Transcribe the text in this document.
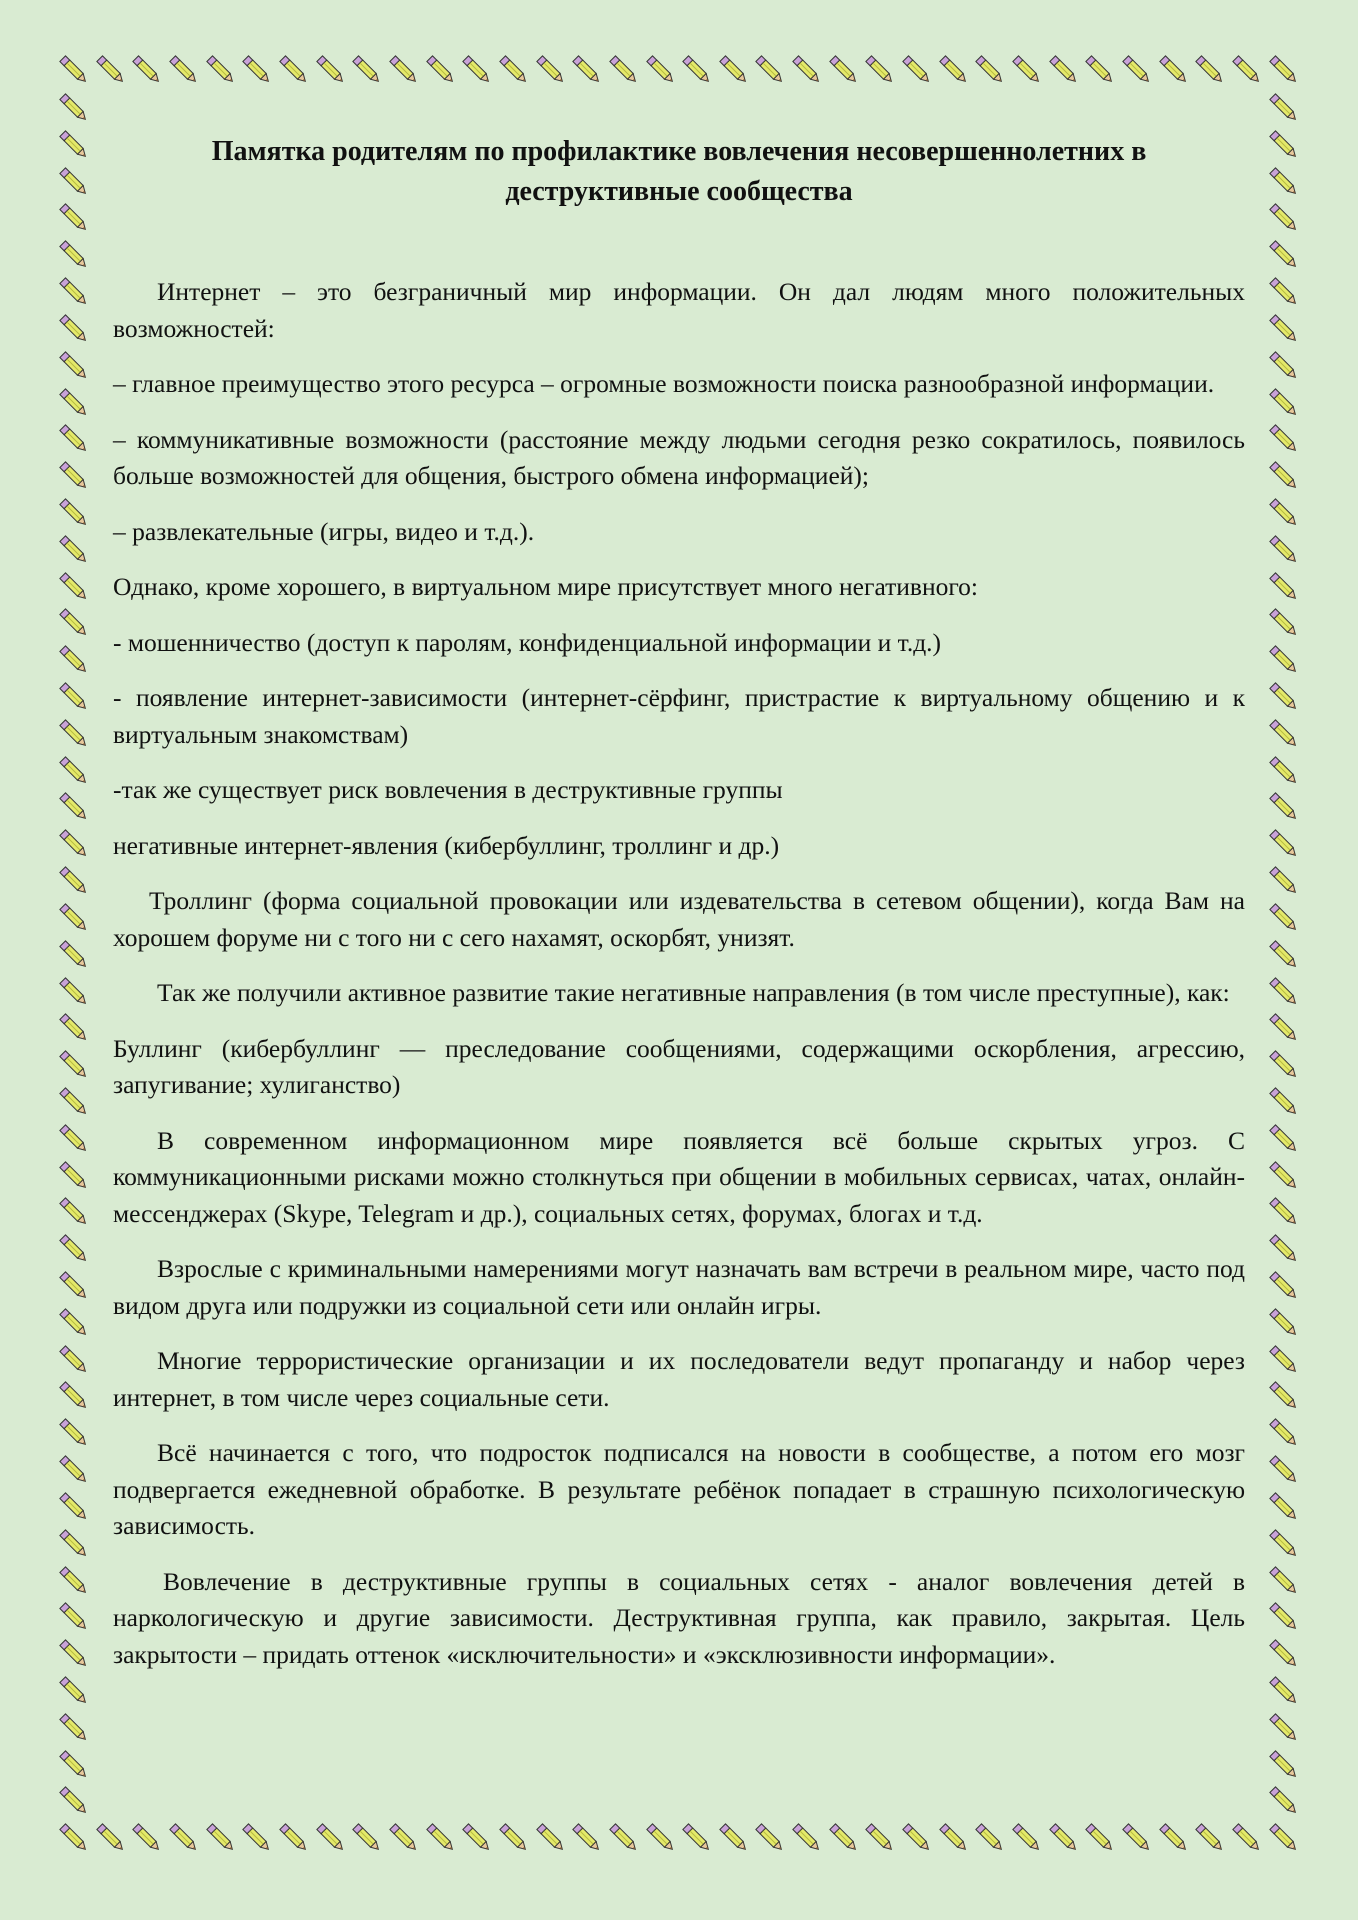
Памятка родителям по профилактике вовлечения несовершеннолетних в деструктивные сообщества

Интернет – это безграничный мир информации. Он дал людям много положительных возможностей:

– главное преимущество этого ресурса – огромные возможности поиска разнообразной информации.

– коммуникативные возможности (расстояние между людьми сегодня резко сократилось, появилось больше возможностей для общения, быстрого обмена информацией);

– развлекательные (игры, видео и т.д.).

Однако, кроме хорошего, в виртуальном мире присутствует много негативного:

- мошенничество (доступ к паролям, конфиденциальной информации и т.д.)

- появление интернет-зависимости (интернет-сёрфинг, пристрастие к виртуальному общению и к виртуальным знакомствам)

-так же существует риск вовлечения в деструктивные группы

негативные интернет-явления (кибербуллинг, троллинг и др.)

Троллинг (форма социальной провокации или издевательства в сетевом общении), когда Вам на хорошем форуме ни с того ни с сего нахамят, оскорбят, унизят.

Так же получили активное развитие такие негативные направления (в том числе преступные), как:

Буллинг (кибербуллинг — преследование сообщениями, содержащими оскорбления, агрессию, запугивание; хулиганство)

В современном информационном мире появляется всё больше скрытых угроз. С коммуникационными рисками можно столкнуться при общении в мобильных сервисах, чатах, онлайн-мессенджерах (Skype, Telegram и др.), социальных сетях, форумах, блогах и т.д.

Взрослые с криминальными намерениями могут назначать вам встречи в реальном мире, часто под видом друга или подружки из социальной сети или онлайн игры.

Многие террористические организации и их последователи ведут пропаганду и набор через интернет, в том числе через социальные сети.

Всё начинается с того, что подросток подписался на новости в сообществе, а потом его мозг подвергается ежедневной обработке. В результате ребёнок попадает в страшную психологическую зависимость.

Вовлечение в деструктивные группы в социальных сетях - аналог вовлечения детей в наркологическую и другие зависимости. Деструктивная группа, как правило, закрытая. Цель закрытости – придать оттенок «исключительности» и «эксклюзивности информации».
